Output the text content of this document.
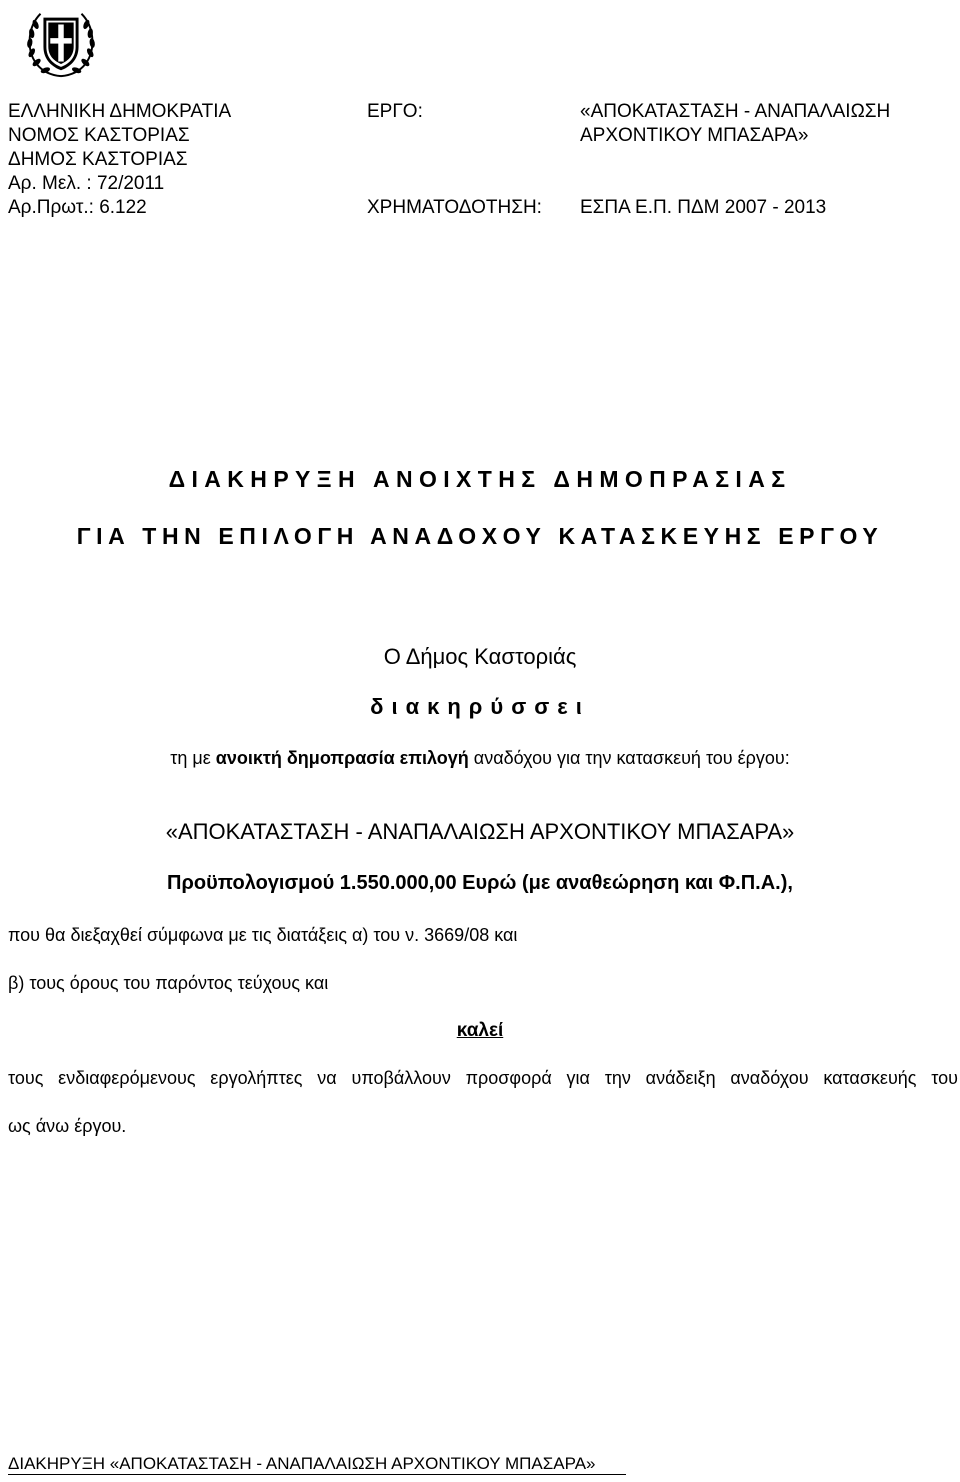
ΕΛΛΗΝΙΚΗ ΔΗΜΟΚΡΑΤΙΑ
ΝΟΜΟΣ ΚΑΣΤΟΡΙΑΣ
ΔΗΜΟΣ ΚΑΣΤΟΡΙΑΣ
Αρ. Μελ. : 72/2011
Αρ.Πρωτ.: 6.122
ΕΡΓΟ:	«ΑΠΟΚΑΤΑΣΤΑΣΗ - ΑΝΑΠΑΛΑΙΩΣΗ
ΑΡΧΟΝΤΙΚΟΥ ΜΠΑΣΑΡΑ»
ΧΡΗΜΑΤΟΔΟΤΗΣΗ: ΕΣΠΑ Ε.Π. ΠΔΜ 2007 - 2013
ΔΙΑΚΗΡΥΞΗ ΑΝΟΙΧΤΗΣ ΔΗΜΟΠΡΑΣΙΑΣ
ΓΙΑ ΤΗΝ ΕΠΙΛΟΓΗ ΑΝΑΔΟΧΟΥ ΚΑΤΑΣΚΕΥΗΣ ΕΡΓΟΥ
Ο Δήμος Καστοριάς
διακηρύσσει
τη με ανοικτή δημοπρασία επιλογή αναδόχου για την κατασκευή του έργου:
«ΑΠΟΚΑΤΑΣΤΑΣΗ - ΑΝΑΠΑΛΑΙΩΣΗ ΑΡΧΟΝΤΙΚΟΥ ΜΠΑΣΑΡΑ»
Προϋπολογισμού 1.550.000,00 Ευρώ (με αναθεώρηση και Φ.Π.Α.),
που θα διεξαχθεί σύμφωνα με τις διατάξεις α) του ν. 3669/08 και
β) τους όρους του παρόντος τεύχους και
καλεί
τους ενδιαφερόμενους εργολήπτες να υποβάλλουν προσφορά για την ανάδειξη αναδόχου κατασκευής του
ως άνω έργου.
ΔΙΑΚΗΡΥΞΗ «ΑΠΟΚΑΤΑΣΤΑΣΗ - ΑΝΑΠΑΛΑΙΩΣΗ ΑΡΧΟΝΤΙΚΟΥ ΜΠΑΣΑΡΑ»
